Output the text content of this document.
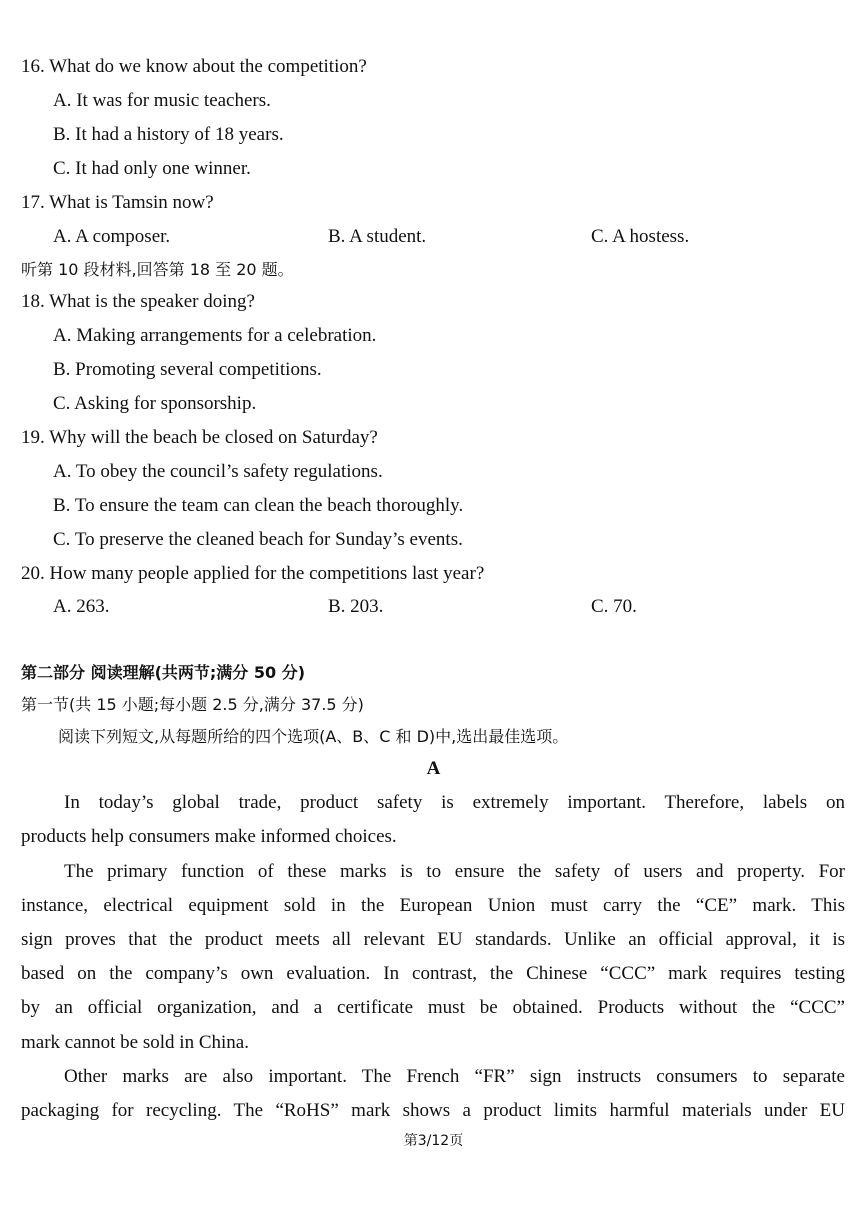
16. What do we know about the competition?
A. It was for music teachers.
B. It had a history of 18 years.
C. It had only one winner.
17. What is Tamsin now?
A. A composer.	B. A student.	C. A hostess.
听第 10 段材料,回答第 18 至 20 题。
18. What is the speaker doing?
A. Making arrangements for a celebration.
B. Promoting several competitions.
C. Asking for sponsorship.
19. Why will the beach be closed on Saturday?
A. To obey the council’s safety regulations.
B. To ensure the team can clean the beach thoroughly.
C. To preserve the cleaned beach for Sunday’s events.
20. How many people applied for the competitions last year?
A. 263.	B. 203.	C. 70.
第二部分 阅读理解(共两节;满分 50 分)
第一节(共 15 小题;每小题 2.5 分,满分 37.5 分)
阅读下列短文,从每题所给的四个选项(A、B、C 和 D)中,选出最佳选项。
A
In today’s global trade, product safety is extremely important. Therefore, labels on
products help consumers make informed choices.
The primary function of these marks is to ensure the safety of users and property. For
instance, electrical equipment sold in the European Union must carry the “CE” mark. This
sign proves that the product meets all relevant EU standards. Unlike an official approval, it is
based on the company’s own evaluation. In contrast, the Chinese “CCC” mark requires testing
by an official organization, and a certificate must be obtained. Products without the “CCC”
mark cannot be sold in China.
Other marks are also important. The French “FR” sign instructs consumers to separate
packaging for recycling. The “RoHS” mark shows a product limits harmful materials under EU
第3/12页
